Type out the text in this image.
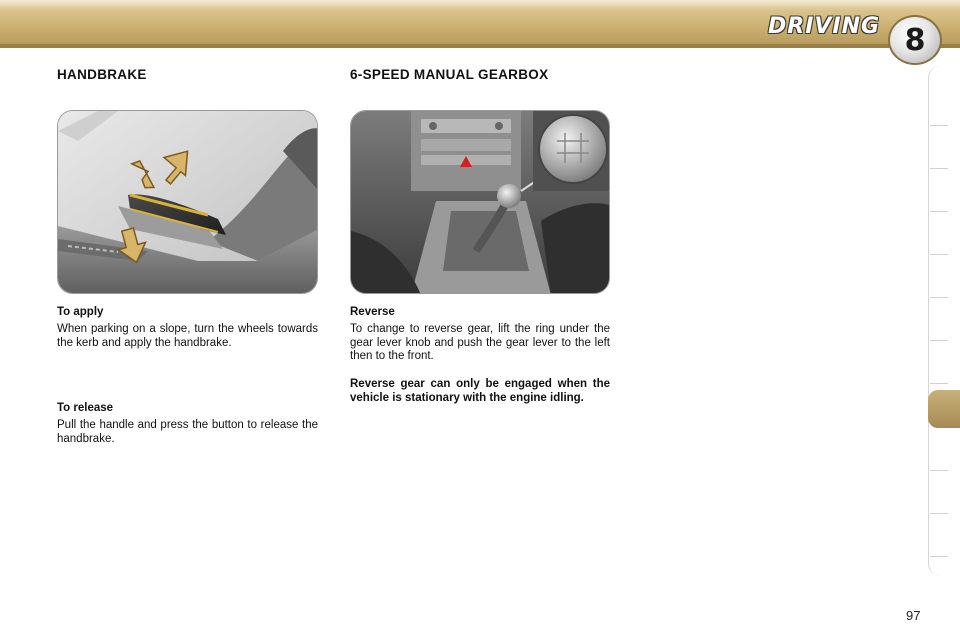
DRIVING 8
HANDBRAKE	6-SPEED MANUAL GEARBOX
To apply

When parking on a slope, turn the wheels towards the kerb and apply the handbrake.

To release

Pull the handle and press the button to release the handbrake.

Reverse

To change to reverse gear, lift the ring under the gear lever knob and push the gear lever to the left then to the front.

Reverse gear can only be engaged when the vehicle is stationary with the engine idling.

97
